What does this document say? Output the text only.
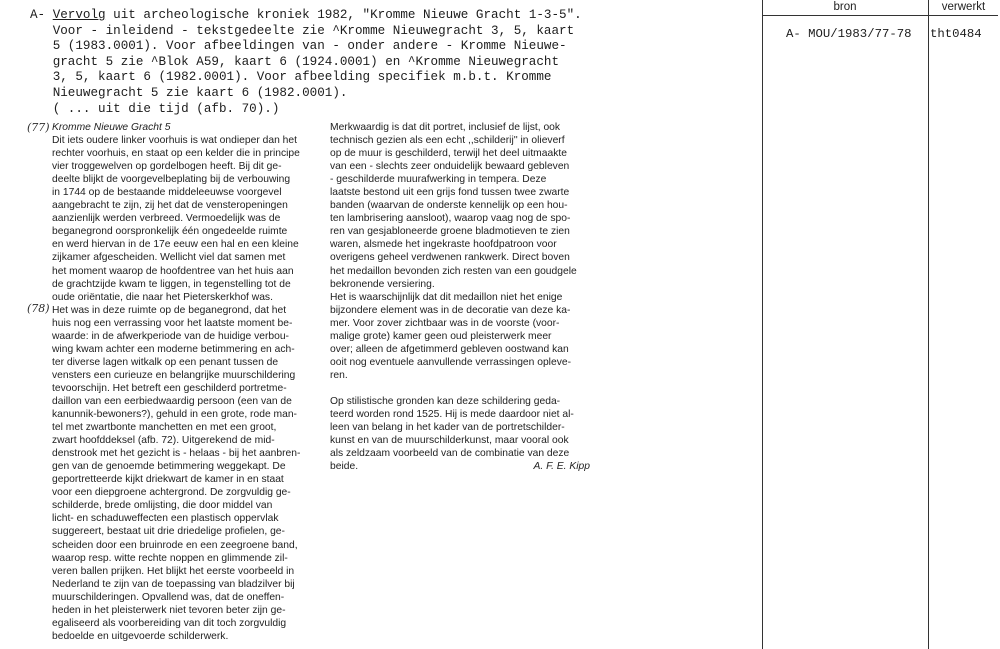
A- Vervolg uit archeologische kroniek 1982, "Kromme Nieuwe Gracht 1-3-5".
Voor - inleidend - tekstgedeelte zie ^Kromme Nieuwegracht 3, 5, kaart
5 (1983.0001). Voor afbeeldingen van - onder andere - Kromme Nieuwe-
gracht 5 zie ^Blok A59, kaart 6 (1924.0001) en ^Kromme Nieuwegracht
3, 5, kaart 6 (1982.0001). Voor afbeelding specifiek m.b.t. Kromme
Nieuwegracht 5 zie kaart 6 (1982.0001).
( ... uit die tijd (afb. 70).)
bron	verwerkt
A- MOU/1983/77-78 tht0484
(77)
(78)
Kromme Nieuwe Gracht 5
Dit iets oudere linker voorhuis is wat ondieper dan het
rechter voorhuis, en staat op een kelder die in principe
vier troggewelven op gordelbogen heeft. Bij dit ge-
deelte blijkt de voorgevelbeplating bij de verbouwing
in 1744 op de bestaande middeleeuwse voorgevel
aangebracht te zijn, zij het dat de vensteropeningen
aanzienlijk werden verbreed. Vermoedelijk was de
beganegrond oorspronkelijk één ongedeelde ruimte
en werd hiervan in de 17e eeuw een hal en een kleine
zijkamer afgescheiden. Wellicht viel dat samen met
het moment waarop de hoofdentree van het huis aan
de grachtzijde kwam te liggen, in tegenstelling tot de
oude oriëntatie, die naar het Pieterskerkhof was.
Het was in deze ruimte op de beganegrond, dat het
huis nog een verrassing voor het laatste moment be-
waarde: in de afwerkperiode van de huidige verbou-
wing kwam achter een moderne betimmering en ach-
ter diverse lagen witkalk op een penant tussen de
vensters een curieuze en belangrijke muurschildering
tevoorschijn. Het betreft een geschilderd portretme-
daillon van een eerbiedwaardig persoon (een van de
kanunnik-bewoners?), gehuld in een grote, rode man-
tel met zwartbonte manchetten en met een groot,
zwart hoofddeksel (afb. 72). Uitgerekend de mid-
denstrook met het gezicht is - helaas - bij het aanbren-
gen van de genoemde betimmering weggekapt. De
geportretteerde kijkt driekwart de kamer in en staat
voor een diepgroene achtergrond. De zorgvuldig ge-
schilderde, brede omlijsting, die door middel van
licht- en schaduweffecten een plastisch oppervlak
suggereert, bestaat uit drie driedelige profielen, ge-
scheiden door een bruinrode en een zeegroene band,
waarop resp. witte rechte noppen en glimmende zil-
veren ballen prijken. Het blijkt het eerste voorbeeld in
Nederland te zijn van de toepassing van bladzilver bij
muurschilderingen. Opvallend was, dat de oneffen-
heden in het pleisterwerk niet tevoren beter zijn ge-
egaliseerd als voorbereiding van dit toch zorgvuldig
bedoelde en uitgevoerde schilderwerk.
Merkwaardig is dat dit portret, inclusief de lijst, ook
technisch gezien als een echt ,,schilderij'' in olieverf
op de muur is geschilderd, terwijl het deel uitmaakte
van een - slechts zeer onduidelijk bewaard gebleven
- geschilderde muurafwerking in tempera. Deze
laatste bestond uit een grijs fond tussen twee zwarte
banden (waarvan de onderste kennelijk op een hou-
ten lambrisering aansloot), waarop vaag nog de spo-
ren van gesjabloneerde groene bladmotieven te zien
waren, alsmede het ingekraste hoofdpatroon voor
overigens geheel verdwenen rankwerk. Direct boven
het medaillon bevonden zich resten van een goudgele
bekronende versiering.
Het is waarschijnlijk dat dit medaillon niet het enige
bijzondere element was in de decoratie van deze ka-
mer. Voor zover zichtbaar was in de voorste (voor-
malige grote) kamer geen oud pleisterwerk meer
over; alleen de afgetimmerd gebleven oostwand kan
ooit nog eventuele aanvullende verrassingen opleve-
ren.
Op stilistische gronden kan deze schildering geda-
teerd worden rond 1525. Hij is mede daardoor niet al-
leen van belang in het kader van de portretschilder-
kunst en van de muurschilderkunst, maar vooral ook
als zeldzaam voorbeeld van de combinatie van deze
beide.	A. F. E. Kipp
